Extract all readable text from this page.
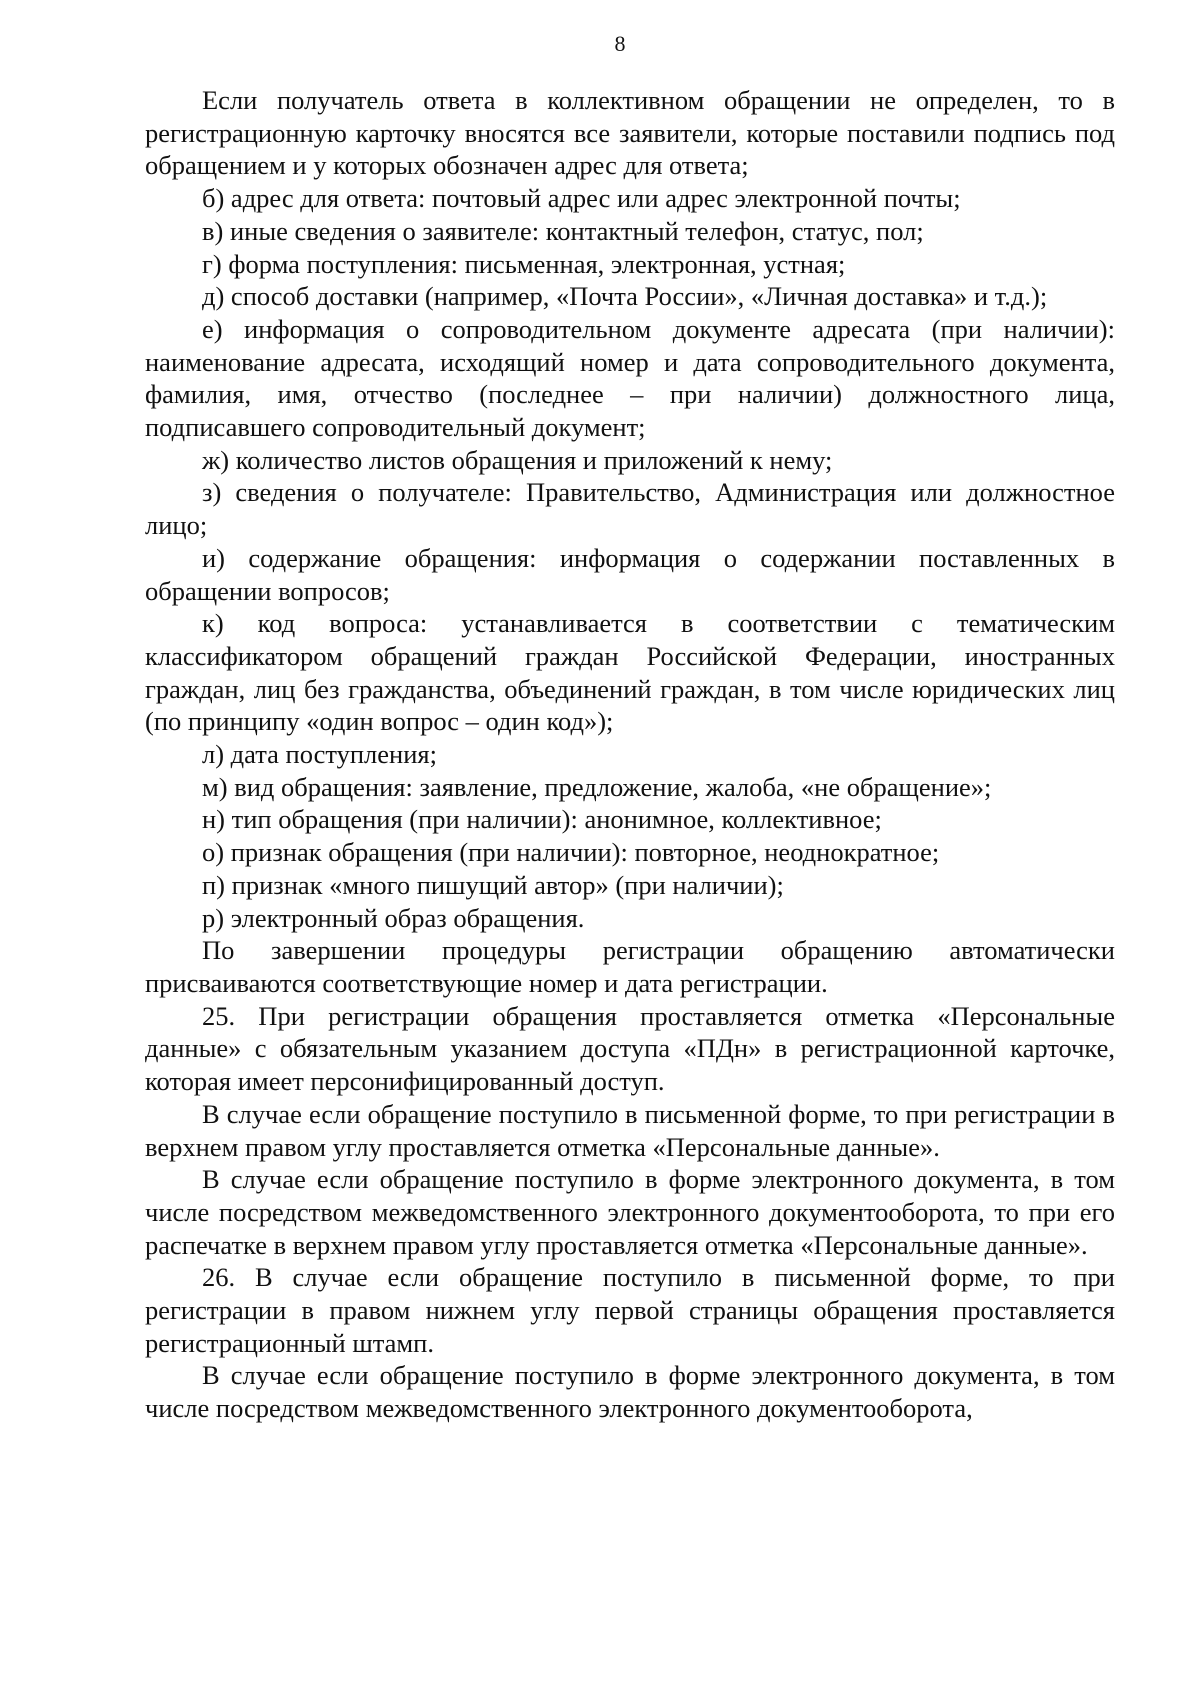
8

Если получатель ответа в коллективном обращении не определен, то в регистрационную карточку вносятся все заявители, которые поставили подпись под обращением и у которых обозначен адрес для ответа;

б) адрес для ответа: почтовый адрес или адрес электронной почты;

в) иные сведения о заявителе: контактный телефон, статус, пол;

г) форма поступления: письменная, электронная, устная;

д) способ доставки (например, «Почта России», «Личная доставка» и т.д.);

е) информация о сопроводительном документе адресата (при наличии): наименование адресата, исходящий номер и дата сопроводительного документа, фамилия, имя, отчество (последнее – при наличии) должностного лица, подписавшего сопроводительный документ;

ж) количество листов обращения и приложений к нему;

з) сведения о получателе: Правительство, Администрация или должностное лицо;

и) содержание обращения: информация о содержании поставленных в обращении вопросов;

к) код вопроса: устанавливается в соответствии с тематическим классификатором обращений граждан Российской Федерации, иностранных граждан, лиц без гражданства, объединений граждан, в том числе юридических лиц (по принципу «один вопрос – один код»);

л) дата поступления;

м) вид обращения: заявление, предложение, жалоба, «не обращение»;

н) тип обращения (при наличии): анонимное, коллективное;

о) признак обращения (при наличии): повторное, неоднократное;

п) признак «много пишущий автор» (при наличии);

р) электронный образ обращения.

По завершении процедуры регистрации обращению автоматически присваиваются соответствующие номер и дата регистрации.

25. При регистрации обращения проставляется отметка «Персональные данные» с обязательным указанием доступа «ПДн» в регистрационной карточке, которая имеет персонифицированный доступ.

В случае если обращение поступило в письменной форме, то при регистрации в верхнем правом углу проставляется отметка «Персональные данные».

В случае если обращение поступило в форме электронного документа, в том числе посредством межведомственного электронного документооборота, то при его распечатке в верхнем правом углу проставляется отметка «Персональные данные».

26. В случае если обращение поступило в письменной форме, то при регистрации в правом нижнем углу первой страницы обращения проставляется регистрационный штамп.

В случае если обращение поступило в форме электронного документа, в том числе посредством межведомственного электронного документооборота,
